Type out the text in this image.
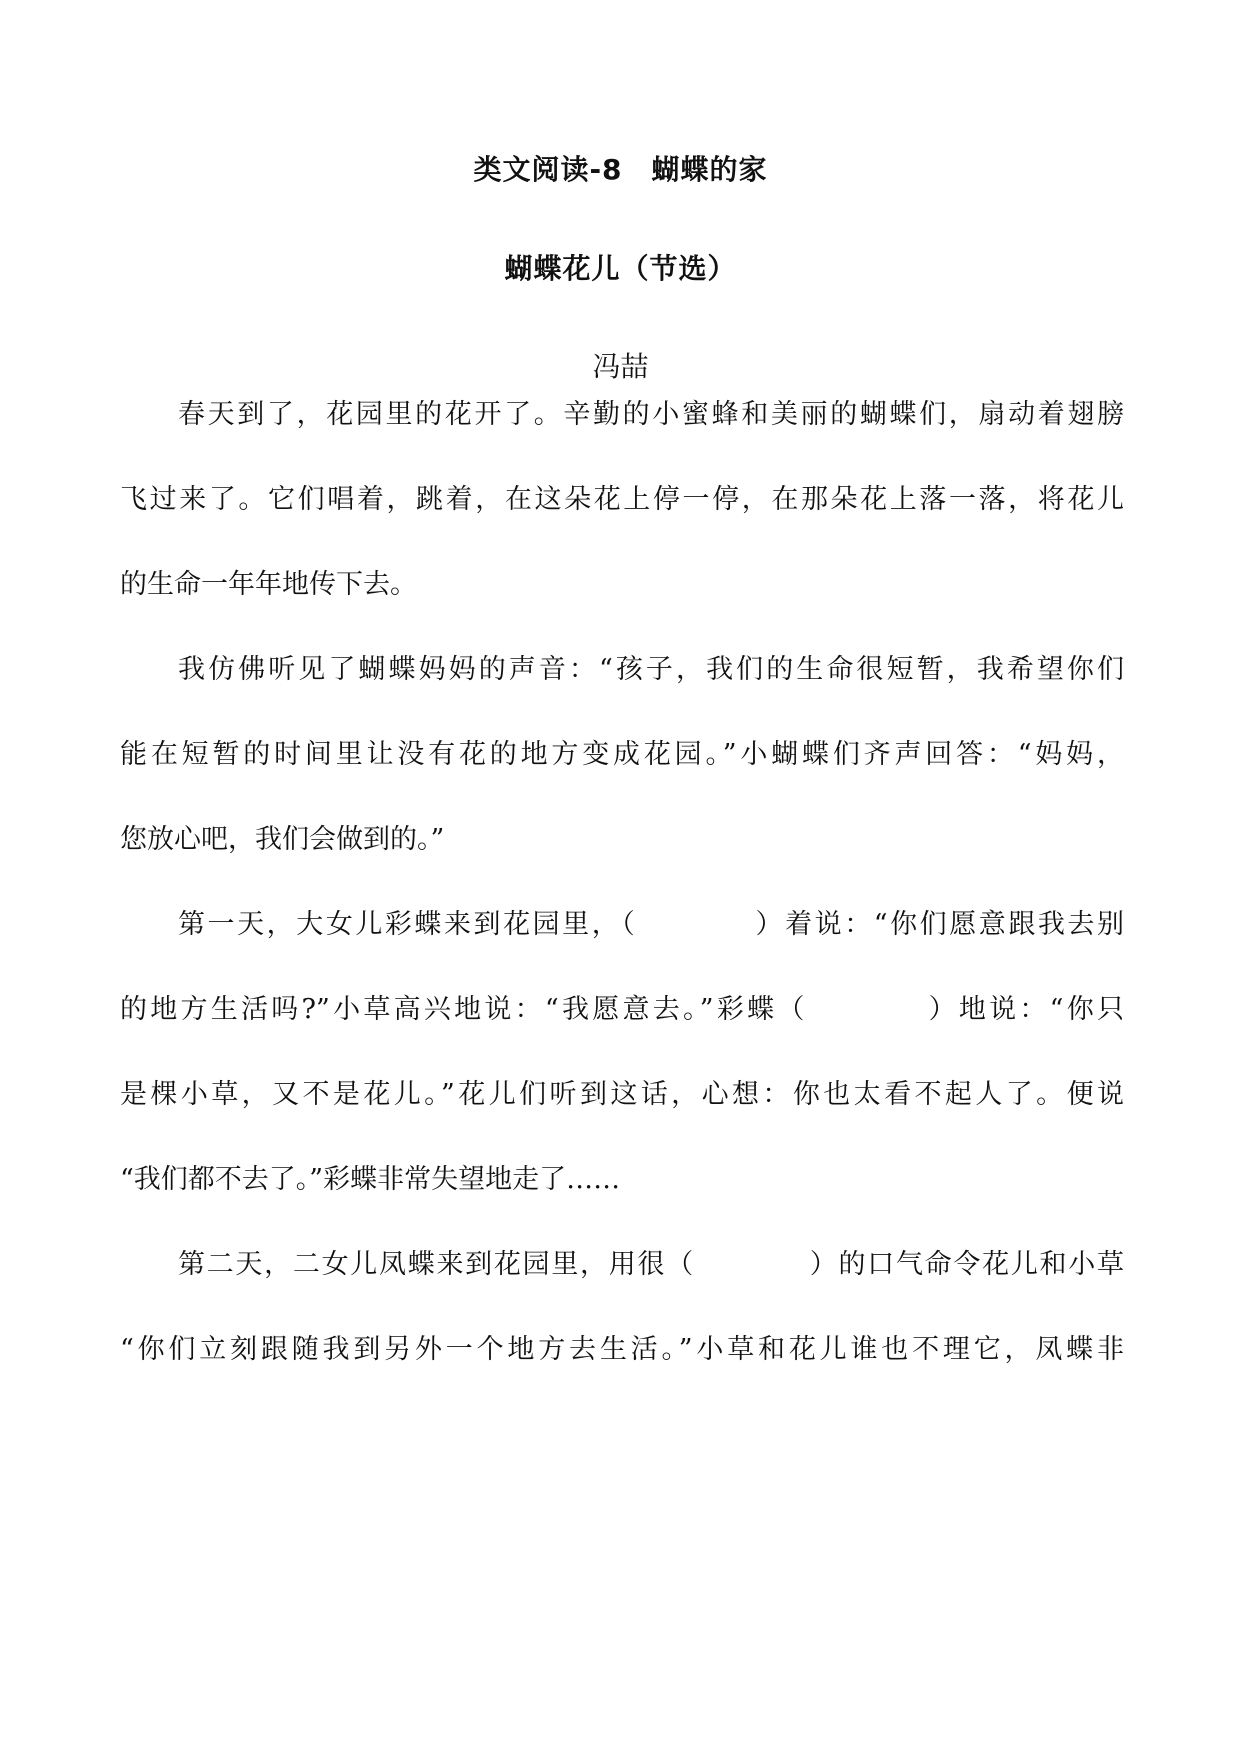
类文阅读-8　蝴蝶的家
蝴蝶花儿（节选）
冯喆
春天到了，花园里的花开了。辛勤的小蜜蜂和美丽的蝴蝶们，扇动着翅膀
飞过来了。它们唱着，跳着，在这朵花上停一停，在那朵花上落一落，将花儿
的生命一年年地传下去。
我仿佛听见了蝴蝶妈妈的声音：“孩子，我们的生命很短暂，我希望你们
能在短暂的时间里让没有花的地方变成花园。”小蝴蝶们齐声回答：“妈妈，
您放心吧，我们会做到的。”
第一天，大女儿彩蝶来到花园里，（　　　　）着说：“你们愿意跟我去别
的地方生活吗?”小草高兴地说：“我愿意去。”彩蝶（　　　　）地说：“你只
是棵小草，又不是花儿。”花儿们听到这话，心想：你也太看不起人了。便说
“我们都不去了。”彩蝶非常失望地走了……
第二天，二女儿凤蝶来到花园里，用很（　　　　）的口气命令花儿和小草
“你们立刻跟随我到另外一个地方去生活。”小草和花儿谁也不理它，凤蝶非
